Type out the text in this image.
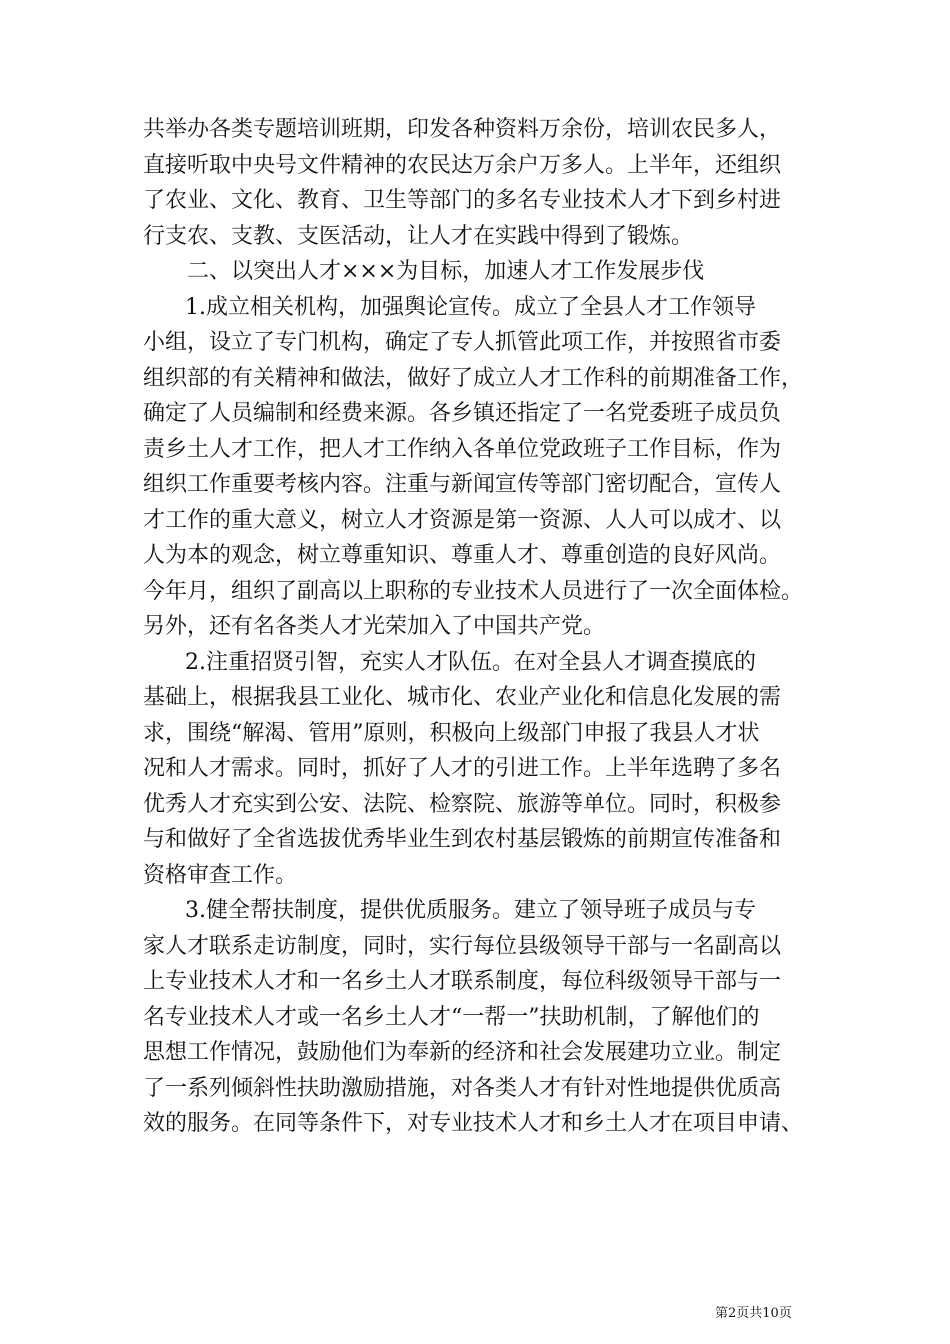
共举办各类专题培训班期，印发各种资料万余份，培训农民多人，

直接听取中央号文件精神的农民达万余户万多人。上半年，还组织

了农业、文化、教育、卫生等部门的多名专业技术人才下到乡村进

行支农、支教、支医活动，让人才在实践中得到了锻炼。

二、以突出人才×××为目标，加速人才工作发展步伐

1.成立相关机构，加强舆论宣传。成立了全县人才工作领导

小组，设立了专门机构，确定了专人抓管此项工作，并按照省市委

组织部的有关精神和做法，做好了成立人才工作科的前期准备工作，

确定了人员编制和经费来源。各乡镇还指定了一名党委班子成员负

责乡土人才工作，把人才工作纳入各单位党政班子工作目标，作为

组织工作重要考核内容。注重与新闻宣传等部门密切配合，宣传人

才工作的重大意义，树立人才资源是第一资源、人人可以成才、以

人为本的观念，树立尊重知识、尊重人才、尊重创造的良好风尚。

今年月，组织了副高以上职称的专业技术人员进行了一次全面体检。

另外，还有名各类人才光荣加入了中国共产党。

2.注重招贤引智，充实人才队伍。在对全县人才调查摸底的

基础上，根据我县工业化、城市化、农业产业化和信息化发展的需

求，围绕“解渴、管用”原则，积极向上级部门申报了我县人才状

况和人才需求。同时，抓好了人才的引进工作。上半年选聘了多名

优秀人才充实到公安、法院、检察院、旅游等单位。同时，积极参

与和做好了全省选拔优秀毕业生到农村基层锻炼的前期宣传准备和

资格审查工作。

3.健全帮扶制度，提供优质服务。建立了领导班子成员与专

家人才联系走访制度，同时，实行每位县级领导干部与一名副高以

上专业技术人才和一名乡土人才联系制度，每位科级领导干部与一

名专业技术人才或一名乡土人才“一帮一”扶助机制，了解他们的

思想工作情况，鼓励他们为奉新的经济和社会发展建功立业。制定

了一系列倾斜性扶助激励措施，对各类人才有针对性地提供优质高

效的服务。在同等条件下，对专业技术人才和乡土人才在项目申请、

第2页共10页
